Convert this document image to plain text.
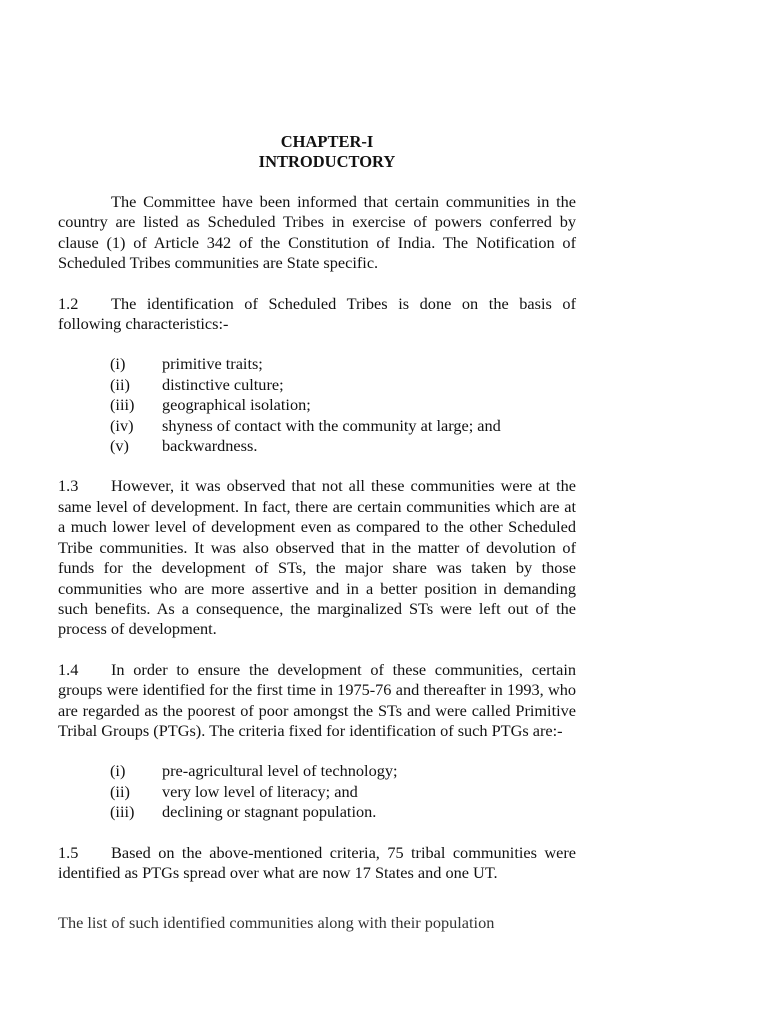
CHAPTER-I
INTRODUCTORY

The Committee have been informed that certain communities in the country are listed as Scheduled Tribes in exercise of powers conferred by clause (1) of Article 342 of the Constitution of India. The Notification of Scheduled Tribes communities are State specific.

1.2 The identification of Scheduled Tribes is done on the basis of following characteristics:-

(i)	primitive traits;
(ii)	distinctive culture;
(iii)	geographical isolation;
(iv)	shyness of contact with the community at large; and
(v)	backwardness.

1.3 However, it was observed that not all these communities were at the same level of development. In fact, there are certain communities which are at a much lower level of development even as compared to the other Scheduled Tribe communities. It was also observed that in the matter of devolution of funds for the development of STs, the major share was taken by those communities who are more assertive and in a better position in demanding such benefits. As a consequence, the marginalized STs were left out of the process of development.

1.4 In order to ensure the development of these communities, certain groups were identified for the first time in 1975-76 and thereafter in 1993, who are regarded as the poorest of poor amongst the STs and were called Primitive Tribal Groups (PTGs). The criteria fixed for identification of such PTGs are:-

(i)	pre-agricultural level of technology;
(ii)	very low level of literacy; and
(iii)	declining or stagnant population.

1.5 Based on the above-mentioned criteria, 75 tribal communities were identified as PTGs spread over what are now 17 States and one UT.

The list of such identified communities along with their population
